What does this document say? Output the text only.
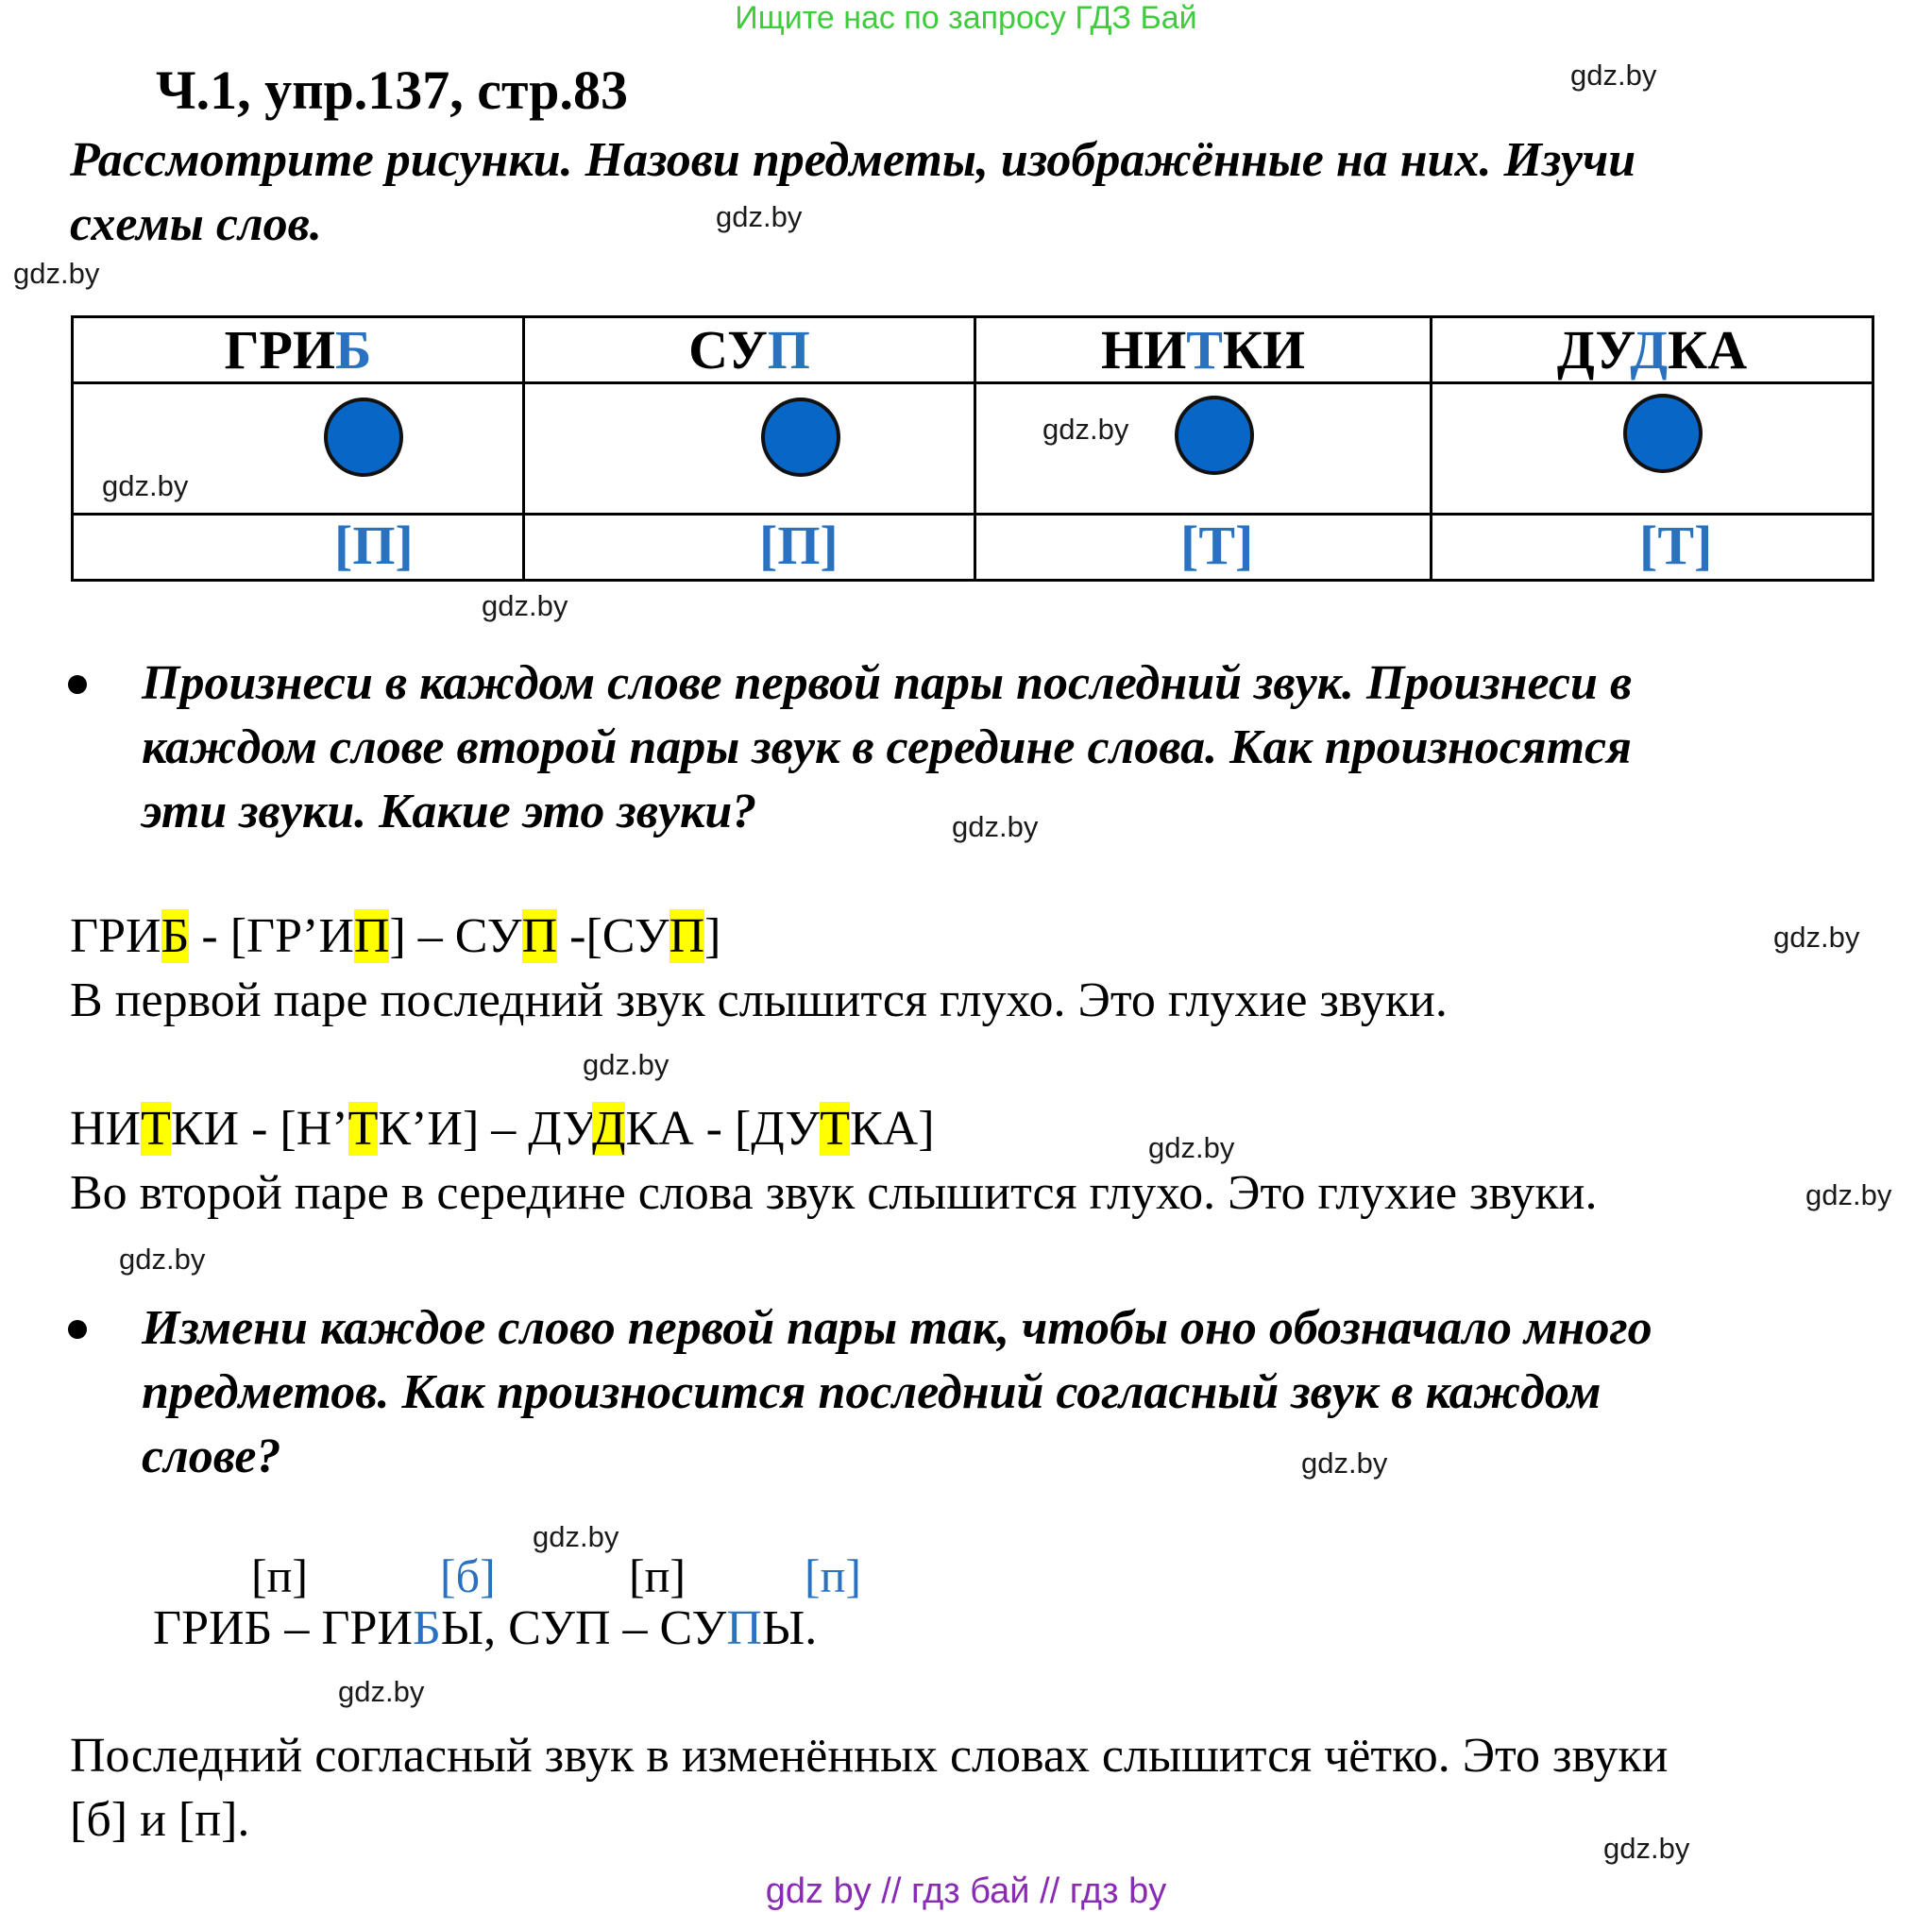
Ищите нас по запросу ГДЗ Бай
Ч.1, упр.137, стр.83	gdz.by
Рассмотрите рисунки. Назови предметы, изображённые на них. Изучи
схемы слов.	gdz.by
gdz.by
ГРИБ	СУП	НИТКИ	ДУДКА

gdz.by		gdz.by	

[П]	[П]	[Т]	[Т]
gdz.by
Произнеси в каждом слове первой пары последний звук. Произнеси в
каждом слове второй пары звук в середине слова. Как произносятся
эти звуки. Какие это звуки?	gdz.by
ГРИБ - [ГР’ИП] – СУП -[СУП]	gdz.by
В первой паре последний звук слышится глухо. Это глухие звуки.
gdz.by
НИТКИ - [Н’ТК’И] – ДУДКА - [ДУТКА]	gdz.by
Во второй паре в середине слова звук слышится глухо. Это глухие звуки.	gdz.by
gdz.by
Измени каждое слово первой пары так, чтобы оно обозначало много
предметов. Как произносится последний согласный звук в каждом
слове?	gdz.by
gdz.by
[п]	[б]	[п]	[п]
ГРИБ – ГРИБЫ, СУП – СУПЫ.
gdz.by
Последний согласный звук в изменённых словах слышится чётко. Это звуки
[б] и [п].
gdz.by
gdz by // гдз бай // гдз by
